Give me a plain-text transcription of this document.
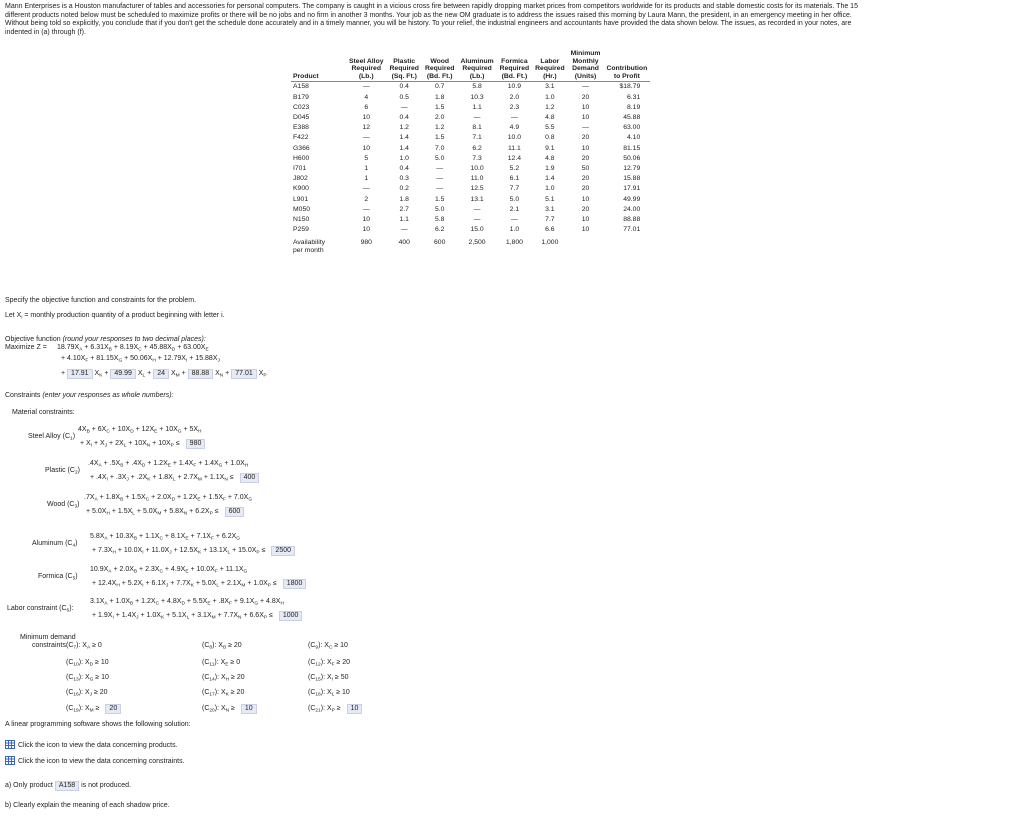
Mann Enterprises is a Houston manufacturer of tables and accessories for personal computers. The company is caught in a vicious cross fire between rapidly dropping market prices from competitors worldwide for its products and stable domestic costs for its materials. The 15

different products noted below must be scheduled to maximize profits or there will be no jobs and no firm in another 3 months. Your job as the new OM graduate is to address the issues raised this morning by Laura Mann, the president, in an emergency meeting in her office.

Without being told so explicitly, you conclude that if you don't get the schedule done accurately and in a timely manner, you will be history. To your relief, the industrial engineers and accountants have provided the data shown below. The issues, as recorded in your notes, are

indented in (a) through (f).

Product	Steel Alloy
Required
(Lb.)	Plastic
Required
(Sq. Ft.)	Wood
Required
(Bd. Ft.)	Aluminum
Required
(Lb.)	Formica
Required
(Bd. Ft.)	Labor
Required
(Hr.)	Minimum
Monthly
Demand
(Units)	Contribution
to Profit
A158	—	0.4	0.7	5.8	10.9	3.1	—	$18.79
B179	4	0.5	1.8	10.3	2.0	1.0	20	6.31
C023	6	—	1.5	1.1	2.3	1.2	10	8.19
D045	10	0.4	2.0	—	—	4.8	10	45.88
E388	12	1.2	1.2	8.1	4.9	5.5	—	63.00
F422	—	1.4	1.5	7.1	10.0	0.8	20	4.10
G366	10	1.4	7.0	6.2	11.1	9.1	10	81.15
H600	5	1.0	5.0	7.3	12.4	4.8	20	50.06
I701	1	0.4	—	10.0	5.2	1.9	50	12.79
J802	1	0.3	—	11.0	6.1	1.4	20	15.88
K900	—	0.2	—	12.5	7.7	1.0	20	17.91
L901	2	1.8	1.5	13.1	5.0	5.1	10	49.99
M050	—	2.7	5.0	—	2.1	3.1	20	24.00
N150	10	1.1	5.8	—	—	7.7	10	88.88
P259	10	—	6.2	15.0	1.0	6.6	10	77.01
Availability
per month	980	400	600	2,500	1,800	1,000		
Specify the objective function and constraints for the problem.
Let $X_i$ = monthly production quantity of a product beginning with letter i.
Objective function (round your responses to two decimal places):
Maximize $Z = 18.79X_A + 6.31X_B + 8.19X_C + 45.88X_D + 63.00X_E$
+ $4.10X_F + 81.15X_G + 50.06X_H + 12.79X_I + 15.88X_J$
+ 17.91 $X_K + 49.99$ $X_L + 24$ $X_M + 88.88$ $X_N + 77.01$ $X_P$
Constraints (enter your responses as whole numbers):
Material constraints:
Steel Alloy $(C_1)$
$4X_B + 6X_C + 10X_D + 12X_E + 10X_G + 5X_H$
+ $X_I + X_J + 2X_L + 10X_N + 10X_P \le 980$
Plastic $(C_2)$
$.4X_A + .5X_B + .4X_D + 1.2X_E + 1.4X_F + 1.4X_G + 1.0X_H$
+ $.4X_I + .3X_J + .2X_K + 1.8X_L + 2.7X_M + 1.1X_N \le 400$
Wood $(C_3)$
$.7X_A + 1.8X_B + 1.5X_C + 2.0X_D + 1.2X_E + 1.5X_F + 7.0X_G$
+ $5.0X_H + 1.5X_L + 5.0X_M + 5.8X_N + 6.2X_P \le 600$
Aluminum $(C_4)$
$5.8X_A + 10.3X_B + 1.1X_C + 8.1X_E + 7.1X_F + 6.2X_G$
+ $7.3X_H + 10.0X_I + 11.0X_J + 12.5X_K + 13.1X_L + 15.0X_P \le 2500$
Formica $(C_5)$
$10.9X_A + 2.0X_B + 2.3X_C + 4.9X_E + 10.0X_F + 11.1X_G$
+ $12.4X_H + 5.2X_I + 6.1X_J + 7.7X_K + 5.0X_L + 2.1X_M + 1.0X_P \le 1800$
Labor constraint $(C_6)$:
$3.1X_A + 1.0X_B + 1.2X_C + 4.8X_D + 5.5X_E + .8X_F + 9.1X_G + 4.8X_H$
+ $1.9X_I + 1.4X_J + 1.0X_K + 5.1X_L + 3.1X_M + 7.7X_N + 6.6X_P \le 1000$
Minimum demand
constraints:
$(C_7)$: $X_A \ge 0$	$(C_8)$: $X_B \ge 20$	$(C_9)$: $X_C \ge 10$
$(C_{10})$: $X_D \ge 10$	$(C_{11})$: $X_E \ge 0$	$(C_{12})$: $X_F \ge 20$
$(C_{13})$: $X_G \ge 10$	$(C_{14})$: $X_H \ge 20$	$(C_{15})$: $X_I \ge 50$
$(C_{16})$: $X_J \ge 20$	$(C_{17})$: $X_K \ge 20$	$(C_{18})$: $X_L \ge 10$
$(C_{19})$: $X_M \ge 20$	$(C_{20})$: $X_N \ge 10$	$(C_{21})$: $X_P \ge 10$
A linear programming software shows the following solution:
Click the icon to view the data concerning products.
Click the icon to view the data concerning constraints.
a) Only product A158 is not produced.
b) Clearly explain the meaning of each shadow price.
